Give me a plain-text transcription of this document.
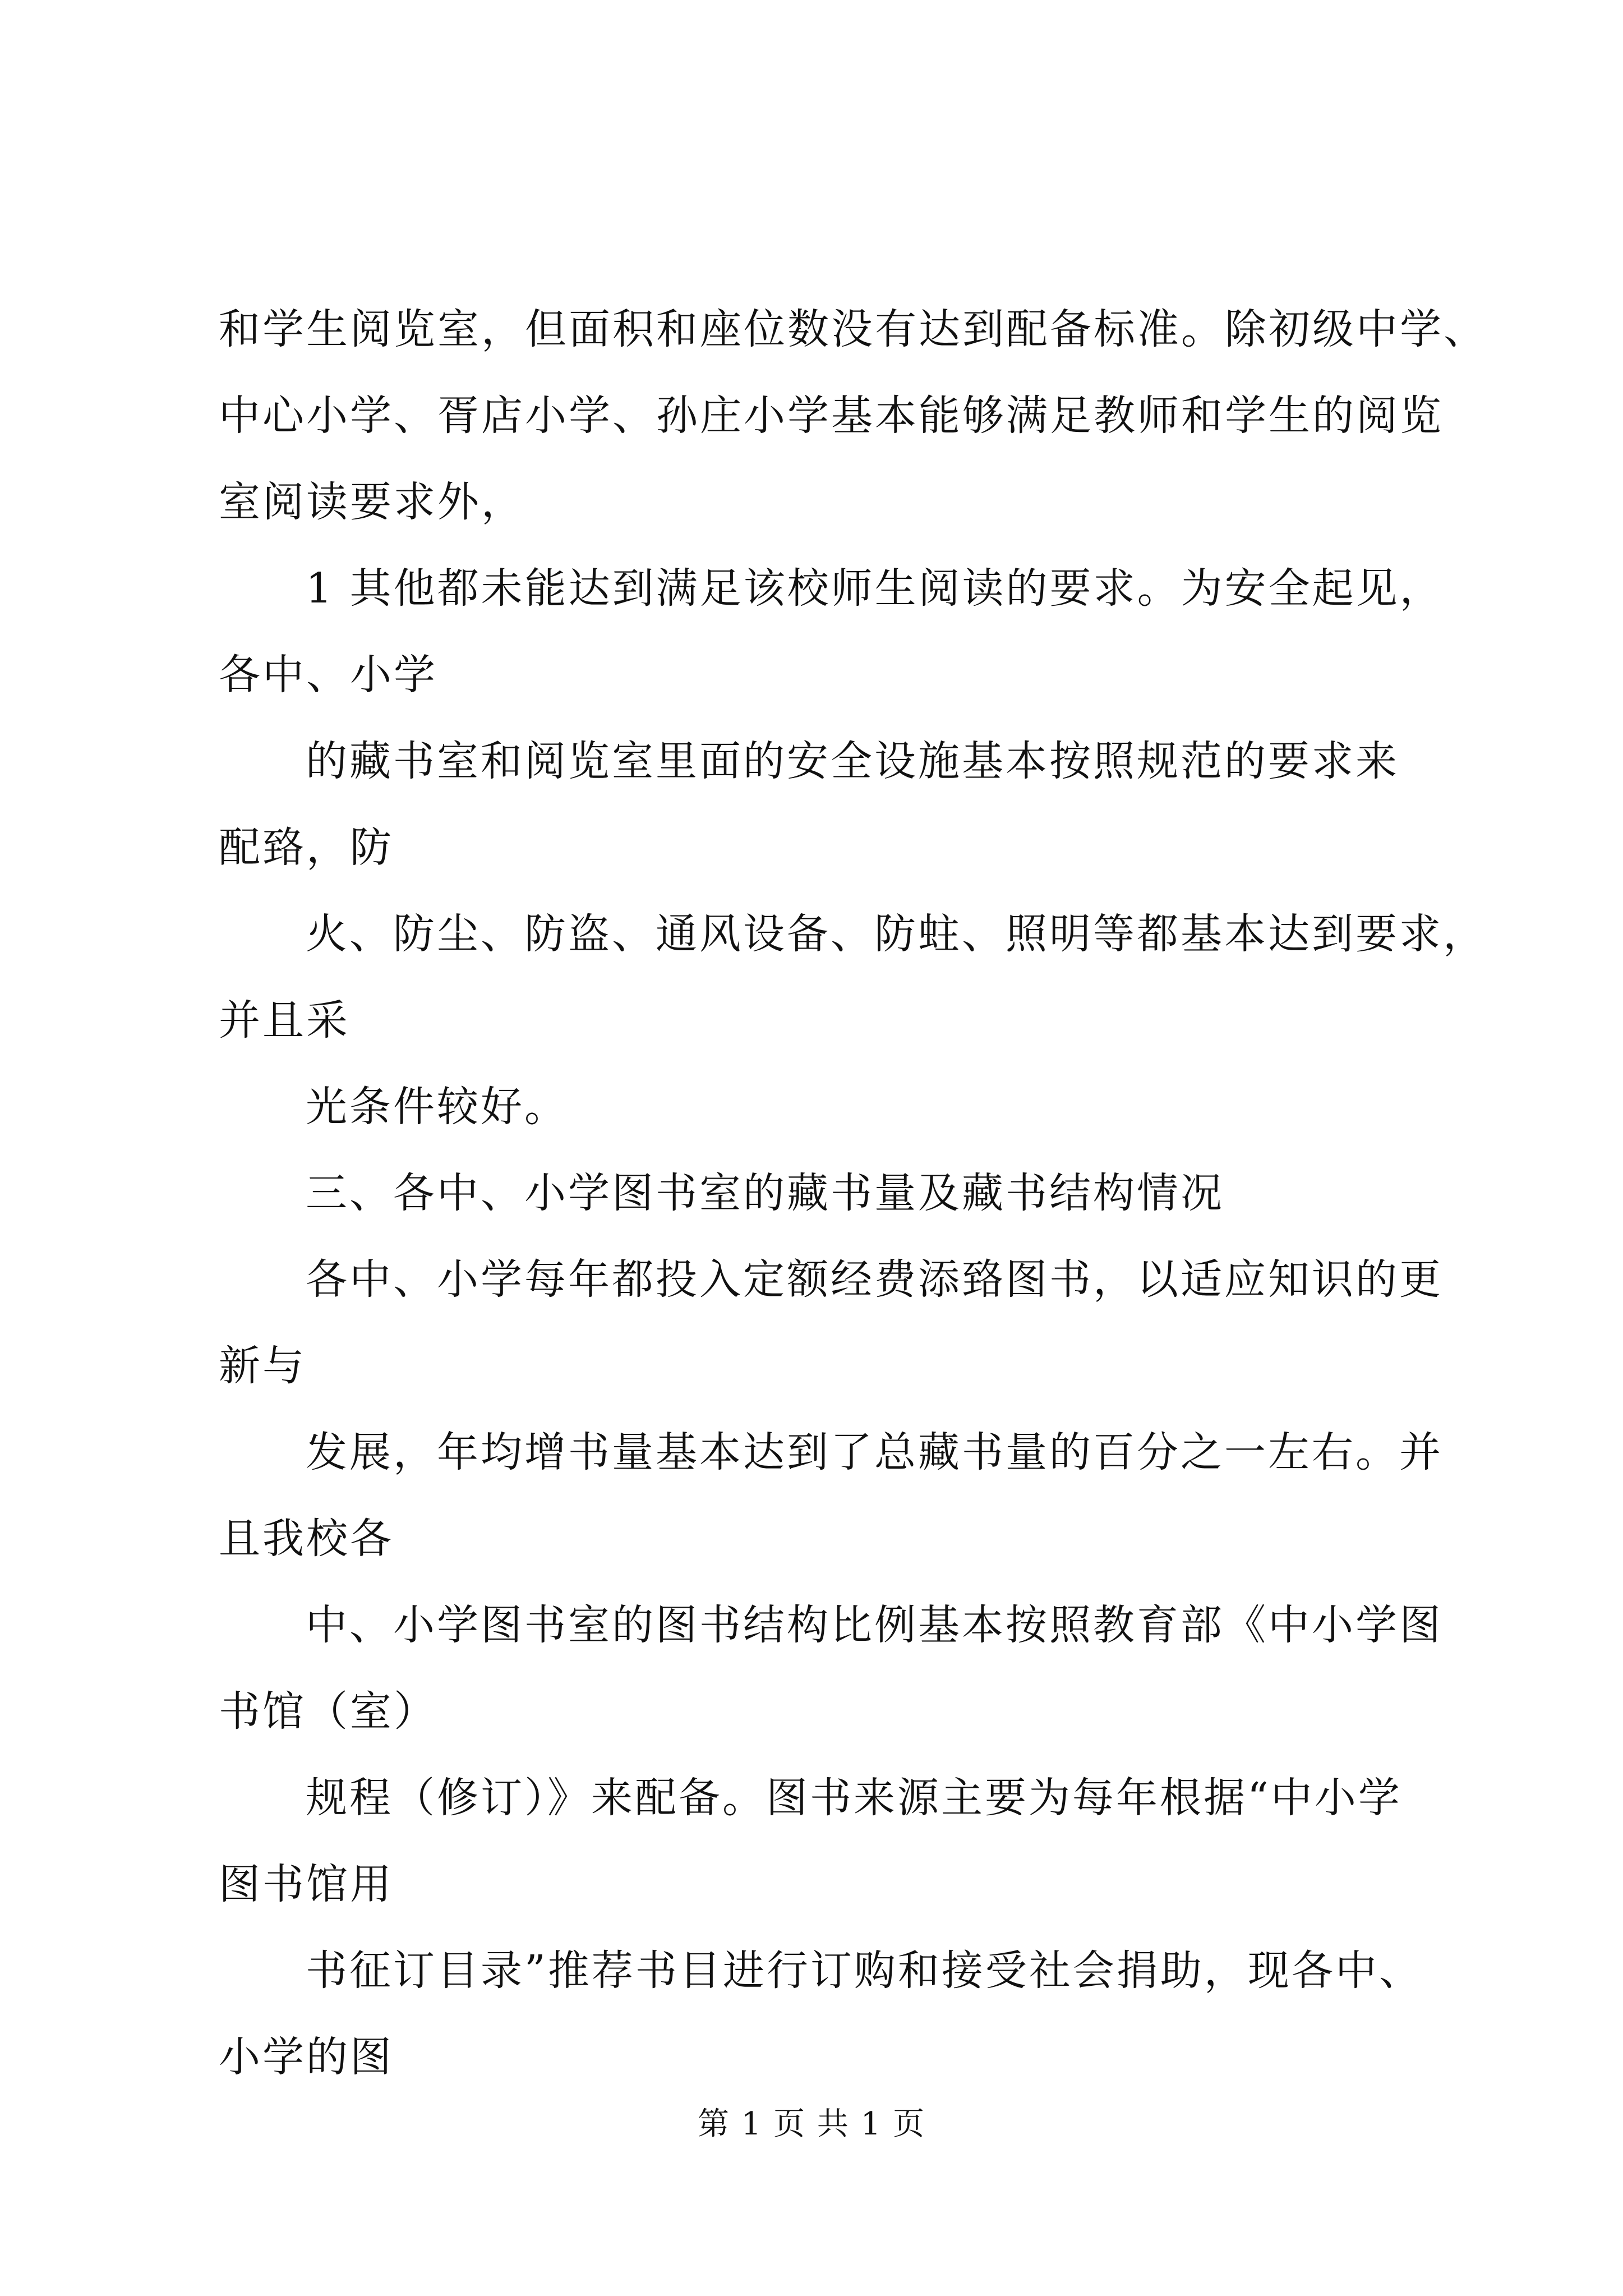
和学生阅览室，但面积和座位数没有达到配备标准。除初级中学、
中心小学、胥店小学、孙庄小学基本能够满足教师和学生的阅览
室阅读要求外，
1 其他都未能达到满足该校师生阅读的要求。为安全起见，
各中、小学
的藏书室和阅览室里面的安全设施基本按照规范的要求来
配臵，防
火、防尘、防盗、通风设备、防蛀、照明等都基本达到要求，
并且采
光条件较好。
三、各中、小学图书室的藏书量及藏书结构情况
各中、小学每年都投入定额经费添臵图书，以适应知识的更
新与
发展，年均增书量基本达到了总藏书量的百分之一左右。并
且我校各
中、小学图书室的图书结构比例基本按照教育部《中小学图
书馆（室）
规程（修订）》来配备。图书来源主要为每年根据“中小学
图书馆用
书征订目录”推荐书目进行订购和接受社会捐助，现各中、
小学的图
第 1 页 共 1 页
